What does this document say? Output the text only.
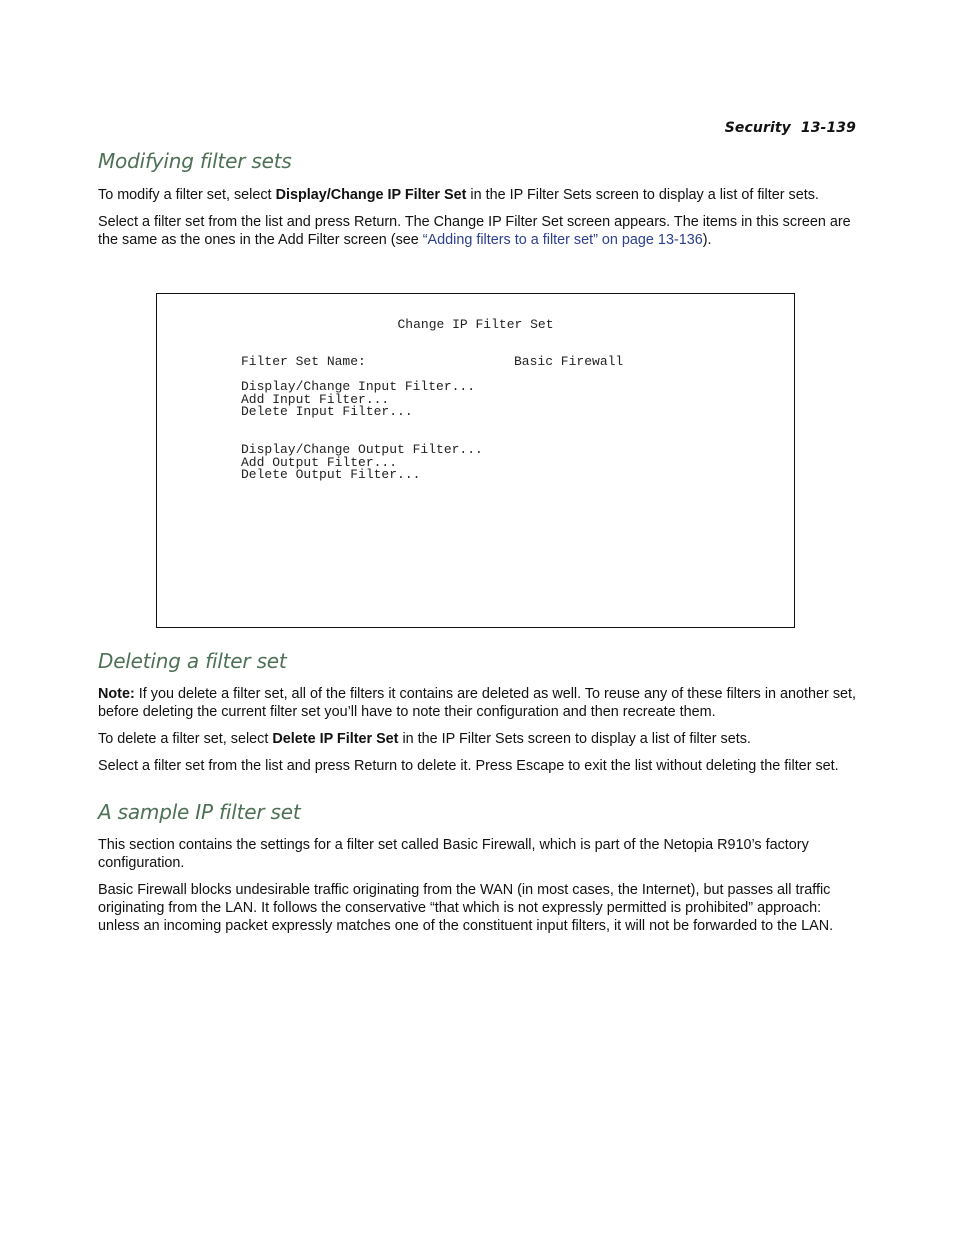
Security 13-139
Modifying filter sets

To modify a filter set, select Display/Change IP Filter Set in the IP Filter Sets screen to display a list of filter sets.

Select a filter set from the list and press Return. The Change IP Filter Set screen appears. The items in this screen are the same as the ones in the Add Filter screen (see “Adding filters to a filter set” on page 13-136).

Change IP Filter Set
Filter Set Name:	Basic Firewall
Display/Change Input Filter...
Add Input Filter...
Delete Input Filter...
Display/Change Output Filter...
Add Output Filter...
Delete Output Filter...
Deleting a filter set

Note: If you delete a filter set, all of the filters it contains are deleted as well. To reuse any of these filters in another set, before deleting the current filter set you’ll have to note their configuration and then recreate them.

To delete a filter set, select Delete IP Filter Set in the IP Filter Sets screen to display a list of filter sets.

Select a filter set from the list and press Return to delete it. Press Escape to exit the list without deleting the filter set.

A sample IP filter set

This section contains the settings for a filter set called Basic Firewall, which is part of the Netopia R910’s factory configuration.

Basic Firewall blocks undesirable traffic originating from the WAN (in most cases, the Internet), but passes all traffic originating from the LAN. It follows the conservative “that which is not expressly permitted is prohibited” approach: unless an incoming packet expressly matches one of the constituent input filters, it will not be forwarded to the LAN.
